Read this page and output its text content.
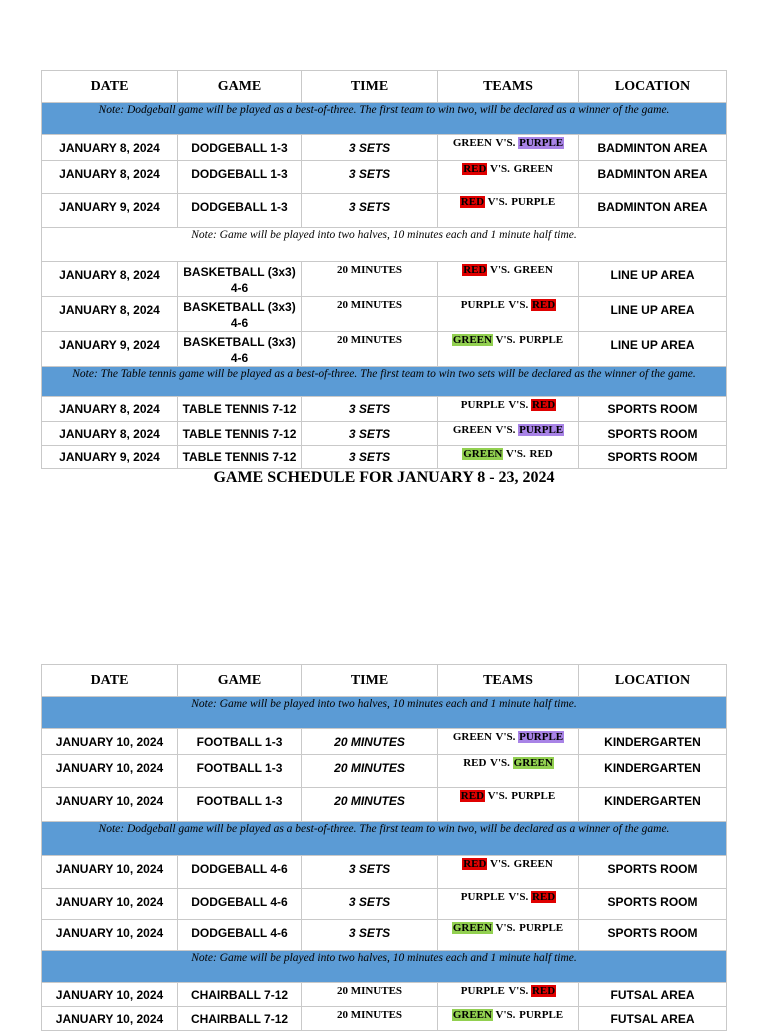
DATE	GAME	TIME	TEAMS	LOCATION
Note: Dodgeball game will be played as a best-of-three. The first team to win two, will be declared as a winner of the game.				
JANUARY 8, 2024	DODGEBALL 1-3	3 SETS	GREEN V'S. PURPLE	BADMINTON AREA
JANUARY 8, 2024	DODGEBALL 1-3	3 SETS	RED V'S. GREEN	BADMINTON AREA
JANUARY 9, 2024	DODGEBALL 1-3	3 SETS	RED V'S. PURPLE	BADMINTON AREA
Note: Game will be played into two halves, 10 minutes each and 1 minute half time.				
JANUARY 8, 2024	BASKETBALL (3x3) 4-6	20 MINUTES	RED V'S. GREEN	LINE UP AREA
JANUARY 8, 2024	BASKETBALL (3x3) 4-6	20 MINUTES	PURPLE V'S. RED	LINE UP AREA
JANUARY 9, 2024	BASKETBALL (3x3) 4-6	20 MINUTES	GREEN V'S. PURPLE	LINE UP AREA
Note: The Table tennis game will be played as a best-of-three. The first team to win two sets will be declared as the winner of the game.				
JANUARY 8, 2024	TABLE TENNIS 7-12	3 SETS	PURPLE V'S. RED	SPORTS ROOM
JANUARY 8, 2024	TABLE TENNIS 7-12	3 SETS	GREEN V'S. PURPLE	SPORTS ROOM
JANUARY 9, 2024	TABLE TENNIS 7-12	3 SETS	GREEN V'S. RED	SPORTS ROOM
GAME SCHEDULE FOR JANUARY 8 - 23, 2024
DATE	GAME	TIME	TEAMS	LOCATION
Note: Game will be played into two halves, 10 minutes each and 1 minute half time.				
JANUARY 10, 2024	FOOTBALL 1-3	20 MINUTES	GREEN V'S. PURPLE	KINDERGARTEN
JANUARY 10, 2024	FOOTBALL 1-3	20 MINUTES	RED V'S. GREEN	KINDERGARTEN
JANUARY 10, 2024	FOOTBALL 1-3	20 MINUTES	RED V'S. PURPLE	KINDERGARTEN
Note: Dodgeball game will be played as a best-of-three. The first team to win two, will be declared as a winner of the game.				
JANUARY 10, 2024	DODGEBALL 4-6	3 SETS	RED V'S. GREEN	SPORTS ROOM
JANUARY 10, 2024	DODGEBALL 4-6	3 SETS	PURPLE V'S. RED	SPORTS ROOM
JANUARY 10, 2024	DODGEBALL 4-6	3 SETS	GREEN V'S. PURPLE	SPORTS ROOM
Note: Game will be played into two halves, 10 minutes each and 1 minute half time.				
JANUARY 10, 2024	CHAIRBALL 7-12	20 MINUTES	PURPLE V'S. RED	FUTSAL AREA
JANUARY 10, 2024	CHAIRBALL 7-12	20 MINUTES	GREEN V'S. PURPLE	FUTSAL AREA
